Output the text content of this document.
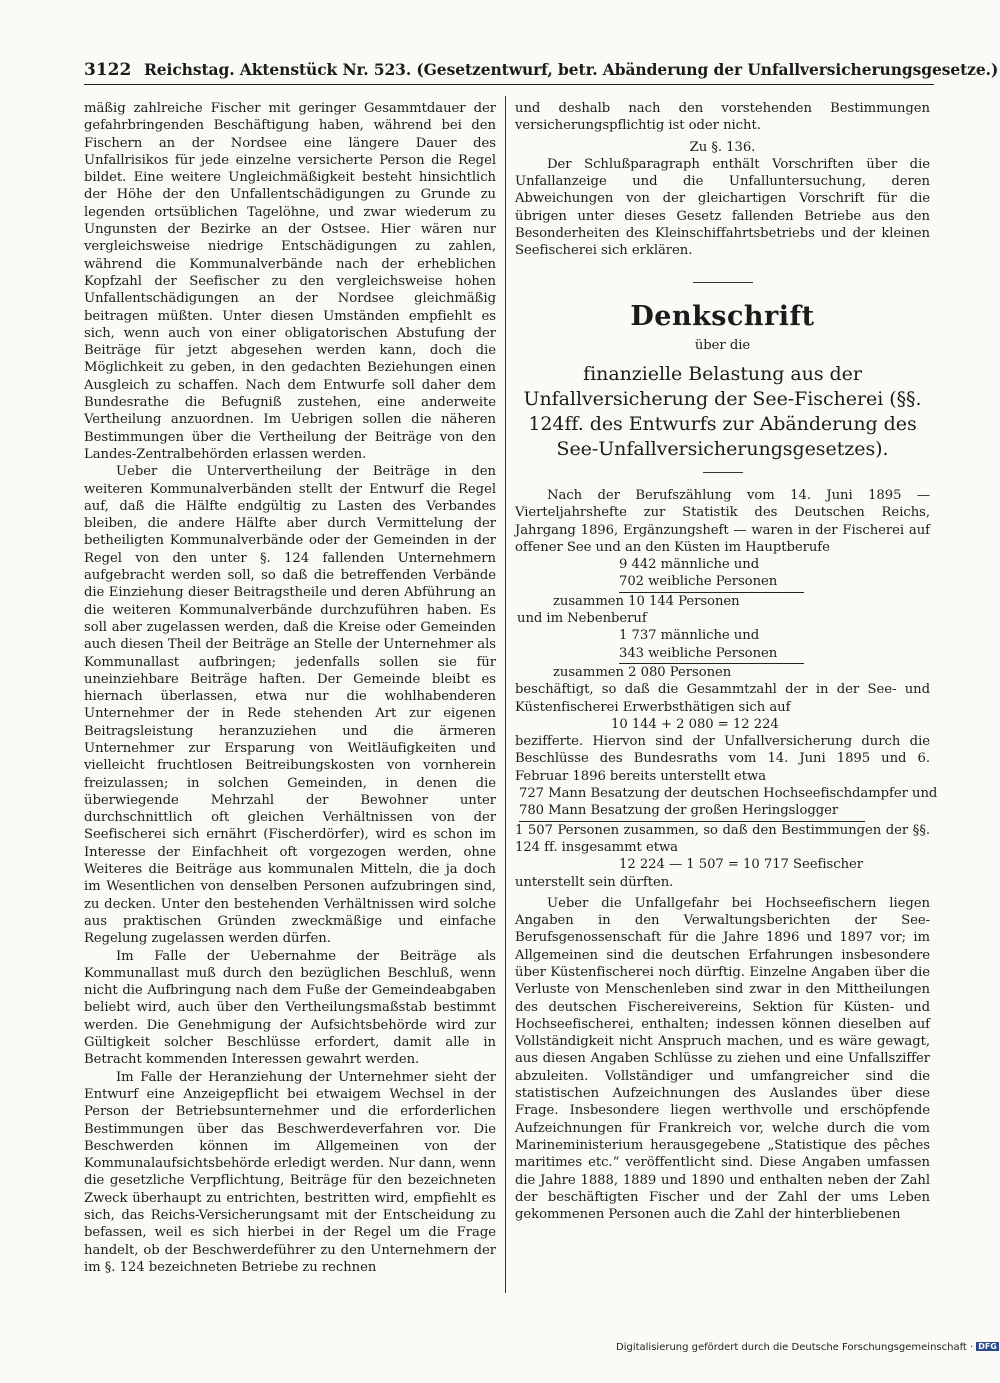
3122 Reichstag. Aktenstück Nr. 523. (Gesetzentwurf, betr. Abänderung der Unfallversicherungsgesetze.)

mäßig zahlreiche Fischer mit geringer Gesammtdauer der gefahrbringenden Beschäftigung haben, während bei den Fischern an der Nordsee eine längere Dauer des Unfallrisikos für jede einzelne versicherte Person die Regel bildet. Eine weitere Ungleichmäßigkeit besteht hinsichtlich der Höhe der den Unfallentschädigungen zu Grunde zu legenden ortsüblichen Tagelöhne, und zwar wiederum zu Ungunsten der Bezirke an der Ostsee. Hier wären nur vergleichsweise niedrige Entschädigungen zu zahlen, während die Kommunalverbände nach der erheblichen Kopfzahl der Seefischer zu den vergleichsweise hohen Unfallentschädigungen an der Nordsee gleichmäßig beitragen müßten. Unter diesen Umständen empfiehlt es sich, wenn auch von einer obligatorischen Abstufung der Beiträge für jetzt abgesehen werden kann, doch die Möglichkeit zu geben, in den gedachten Beziehungen einen Ausgleich zu schaffen. Nach dem Entwurfe soll daher dem Bundesrathe die Befugniß zustehen, eine anderweite Vertheilung anzuordnen. Im Uebrigen sollen die näheren Bestimmungen über die Vertheilung der Beiträge von den Landes-Zentralbehörden erlassen werden.

Ueber die Untervertheilung der Beiträge in den weiteren Kommunalverbänden stellt der Entwurf die Regel auf, daß die Hälfte endgültig zu Lasten des Verbandes bleiben, die andere Hälfte aber durch Vermittelung der betheiligten Kommunalverbände oder der Gemeinden in der Regel von den unter §. 124 fallenden Unternehmern aufgebracht werden soll, so daß die betreffenden Verbände die Einziehung dieser Beitragstheile und deren Abführung an die weiteren Kommunalverbände durchzuführen haben. Es soll aber zugelassen werden, daß die Kreise oder Gemeinden auch diesen Theil der Beiträge an Stelle der Unternehmer als Kommunallast aufbringen; jedenfalls sollen sie für uneinziehbare Beiträge haften. Der Gemeinde bleibt es hiernach überlassen, etwa nur die wohlhabenderen Unternehmer der in Rede stehenden Art zur eigenen Beitragsleistung heranzuziehen und die ärmeren Unternehmer zur Ersparung von Weitläufigkeiten und vielleicht fruchtlosen Beitreibungskosten von vornherein freizulassen; in solchen Gemeinden, in denen die überwiegende Mehrzahl der Bewohner unter durchschnittlich oft gleichen Verhältnissen von der Seefischerei sich ernährt (Fischerdörfer), wird es schon im Interesse der Einfachheit oft vorgezogen werden, ohne Weiteres die Beiträge aus kommunalen Mitteln, die ja doch im Wesentlichen von denselben Personen aufzubringen sind, zu decken. Unter den bestehenden Verhältnissen wird solche aus praktischen Gründen zweckmäßige und einfache Regelung zugelassen werden dürfen.

Im Falle der Uebernahme der Beiträge als Kommunallast muß durch den bezüglichen Beschluß, wenn nicht die Aufbringung nach dem Fuße der Gemeindeabgaben beliebt wird, auch über den Vertheilungsmaßstab bestimmt werden. Die Genehmigung der Aufsichtsbehörde wird zur Gültigkeit solcher Beschlüsse erfordert, damit alle in Betracht kommenden Interessen gewahrt werden.

Im Falle der Heranziehung der Unternehmer sieht der Entwurf eine Anzeigepflicht bei etwaigem Wechsel in der Person der Betriebsunternehmer und die erforderlichen Bestimmungen über das Beschwerdeverfahren vor. Die Beschwerden können im Allgemeinen von der Kommunalaufsichtsbehörde erledigt werden. Nur dann, wenn die gesetzliche Verpflichtung, Beiträge für den bezeichneten Zweck überhaupt zu entrichten, bestritten wird, empfiehlt es sich, das Reichs-Versicherungsamt mit der Entscheidung zu befassen, weil es sich hierbei in der Regel um die Frage handelt, ob der Beschwerdeführer zu den Unternehmern der im §. 124 bezeichneten Betriebe zu rechnen

und deshalb nach den vorstehenden Bestimmungen versicherungspflichtig ist oder nicht.

Zu §. 136.

Der Schlußparagraph enthält Vorschriften über die Unfallanzeige und die Unfalluntersuchung, deren Abweichungen von der gleichartigen Vorschrift für die übrigen unter dieses Gesetz fallenden Betriebe aus den Besonderheiten des Kleinschiffahrtsbetriebs und der kleinen Seefischerei sich erklären.

Denkschrift

über die

finanzielle Belastung aus der Unfallversicherung der See-Fischerei (§§. 124ff. des Entwurfs zur Abänderung des See-Unfallversicherungsgesetzes).

Nach der Berufszählung vom 14. Juni 1895 — Vierteljahrshefte zur Statistik des Deutschen Reichs, Jahrgang 1896, Ergänzungsheft — waren in der Fischerei auf offener See und an den Küsten im Hauptberufe

9 442 männliche und

702 weibliche Personen

zusammen 10 144 Personen

und im Nebenberuf

1 737 männliche und

343 weibliche Personen

zusammen 2 080 Personen

beschäftigt, so daß die Gesammtzahl der in der See- und Küstenfischerei Erwerbsthätigen sich auf

10 144 + 2 080 = 12 224

bezifferte. Hiervon sind der Unfallversicherung durch die Beschlüsse des Bundesraths vom 14. Juni 1895 und 6. Februar 1896 bereits unterstellt etwa

727 Mann Besatzung der deutschen Hochseefischdampfer und

780 Mann Besatzung der großen Heringslogger

1 507 Personen zusammen, so daß den Bestimmungen der §§. 124 ff. insgesammt etwa

12 224 — 1 507 = 10 717 Seefischer

unterstellt sein dürften.

Ueber die Unfallgefahr bei Hochseefischern liegen Angaben in den Verwaltungsberichten der See-Berufsgenossenschaft für die Jahre 1896 und 1897 vor; im Allgemeinen sind die deutschen Erfahrungen insbesondere über Küstenfischerei noch dürftig. Einzelne Angaben über die Verluste von Menschenleben sind zwar in den Mittheilungen des deutschen Fischereivereins, Sektion für Küsten- und Hochseefischerei, enthalten; indessen können dieselben auf Vollständigkeit nicht Anspruch machen, und es wäre gewagt, aus diesen Angaben Schlüsse zu ziehen und eine Unfallsziffer abzuleiten. Vollständiger und umfangreicher sind die statistischen Aufzeichnungen des Auslandes über diese Frage. Insbesondere liegen werthvolle und erschöpfende Aufzeichnungen für Frankreich vor, welche durch die vom Marineministerium herausgegebene „Statistique des pêches maritimes etc.“ veröffentlicht sind. Diese Angaben umfassen die Jahre 1888, 1889 und 1890 und enthalten neben der Zahl der beschäftigten Fischer und der Zahl der ums Leben gekommenen Personen auch die Zahl der hinterbliebenen

Digitalisierung gefördert durch die Deutsche Forschungsgemeinschaft · DFG
